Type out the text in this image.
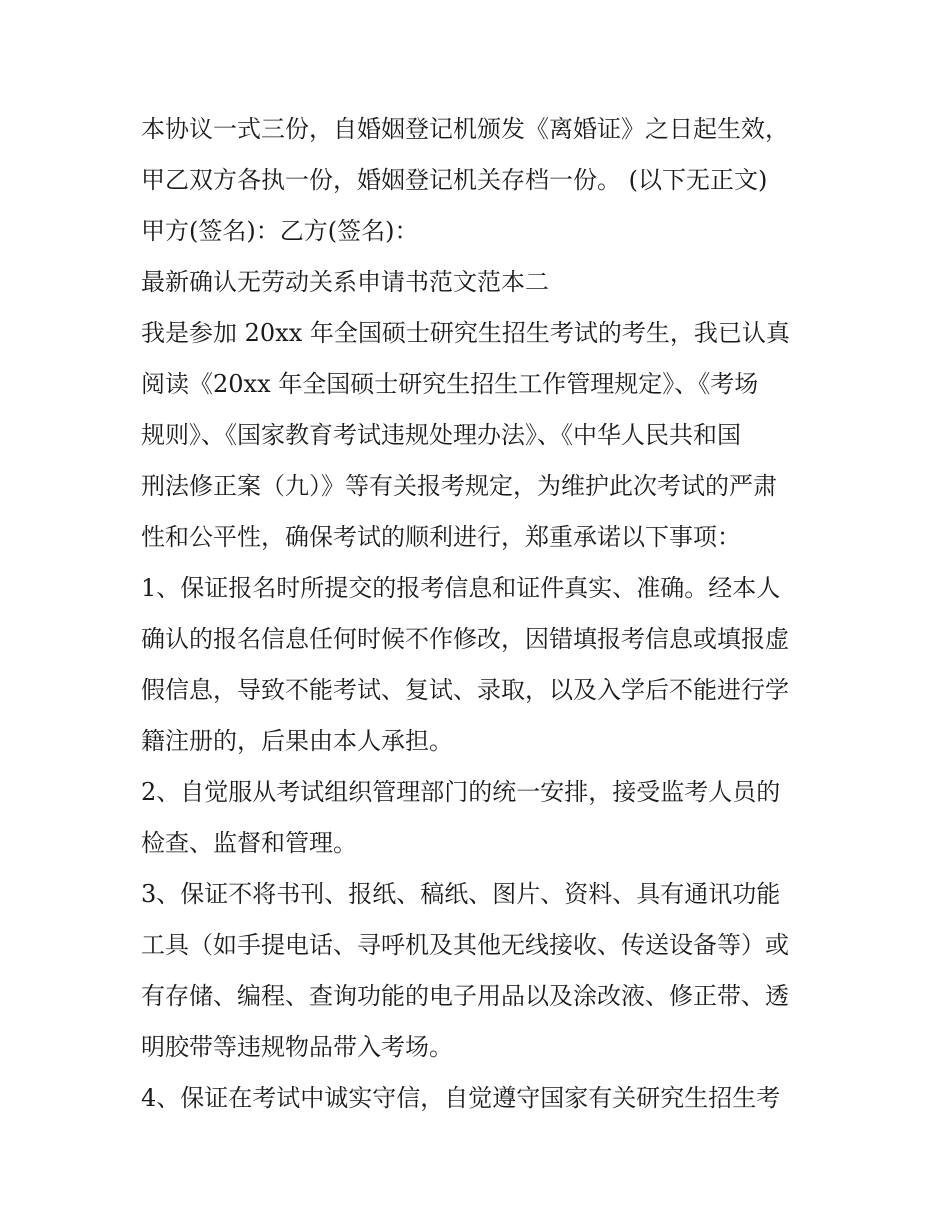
本协议一式三份，自婚姻登记机颁发《离婚证》之日起生效，
甲乙双方各执一份，婚姻登记机关存档一份。 (以下无正文)
甲方(签名)：乙方(签名)：
最新确认无劳动关系申请书范文范本二
我是参加 20xx 年全国硕士研究生招生考试的考生，我已认真
阅读《20xx 年全国硕士研究生招生工作管理规定》、《考场
规则》、《国家教育考试违规处理办法》、《中华人民共和国
刑法修正案（九）》等有关报考规定，为维护此次考试的严肃
性和公平性，确保考试的顺利进行，郑重承诺以下事项：
1、保证报名时所提交的报考信息和证件真实、准确。经本人
确认的报名信息任何时候不作修改，因错填报考信息或填报虚
假信息，导致不能考试、复试、录取，以及入学后不能进行学
籍注册的，后果由本人承担。
2、自觉服从考试组织管理部门的统一安排，接受监考人员的
检查、监督和管理。
3、保证不将书刊、报纸、稿纸、图片、资料、具有通讯功能
工具（如手提电话、寻呼机及其他无线接收、传送设备等）或
有存储、编程、查询功能的电子用品以及涂改液、修正带、透
明胶带等违规物品带入考场。
4、保证在考试中诚实守信，自觉遵守国家有关研究生招生考
